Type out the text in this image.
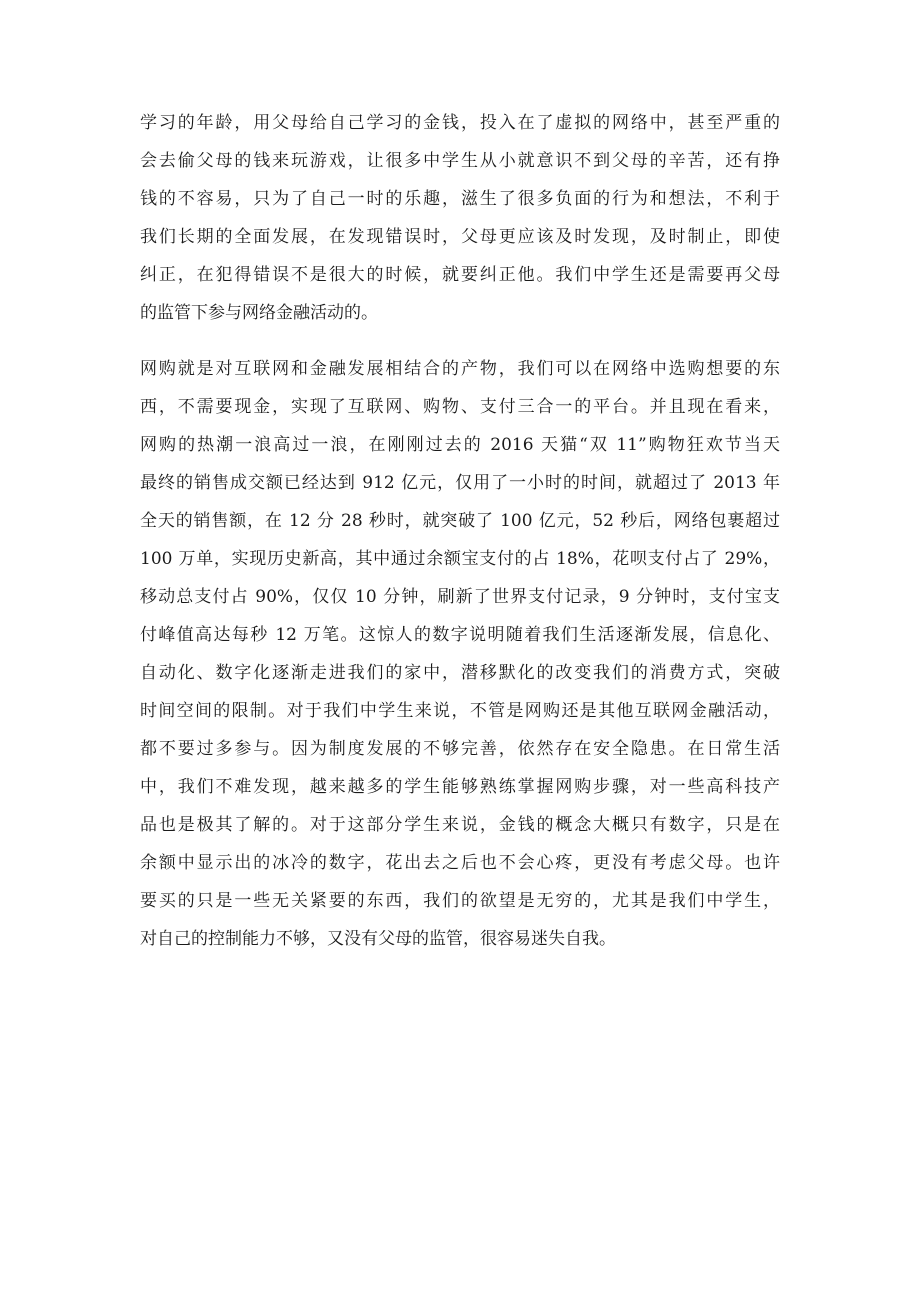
学习的年龄，用父母给自己学习的金钱，投入在了虚拟的网络中，甚至严重的
会去偷父母的钱来玩游戏，让很多中学生从小就意识不到父母的辛苦，还有挣
钱的不容易，只为了自己一时的乐趣，滋生了很多负面的行为和想法，不利于
我们长期的全面发展，在发现错误时，父母更应该及时发现，及时制止，即使
纠正，在犯得错误不是很大的时候，就要纠正他。我们中学生还是需要再父母
的监管下参与网络金融活动的。
网购就是对互联网和金融发展相结合的产物，我们可以在网络中选购想要的东
西，不需要现金，实现了互联网、购物、支付三合一的平台。并且现在看来，
网购的热潮一浪高过一浪，在刚刚过去的 2016 天猫“双 11”购物狂欢节当天
最终的销售成交额已经达到 912 亿元，仅用了一小时的时间，就超过了 2013 年
全天的销售额，在 12 分 28 秒时，就突破了 100 亿元，52 秒后，网络包裹超过
100 万单，实现历史新高，其中通过余额宝支付的占 18%，花呗支付占了 29%，
移动总支付占 90%，仅仅 10 分钟，刷新了世界支付记录，9 分钟时，支付宝支
付峰值高达每秒 12 万笔。这惊人的数字说明随着我们生活逐渐发展，信息化、
自动化、数字化逐渐走进我们的家中，潜移默化的改变我们的消费方式，突破
时间空间的限制。对于我们中学生来说，不管是网购还是其他互联网金融活动，
都不要过多参与。因为制度发展的不够完善，依然存在安全隐患。在日常生活
中，我们不难发现，越来越多的学生能够熟练掌握网购步骤，对一些高科技产
品也是极其了解的。对于这部分学生来说，金钱的概念大概只有数字，只是在
余额中显示出的冰冷的数字，花出去之后也不会心疼，更没有考虑父母。也许
要买的只是一些无关紧要的东西，我们的欲望是无穷的，尤其是我们中学生，
对自己的控制能力不够，又没有父母的监管，很容易迷失自我。
